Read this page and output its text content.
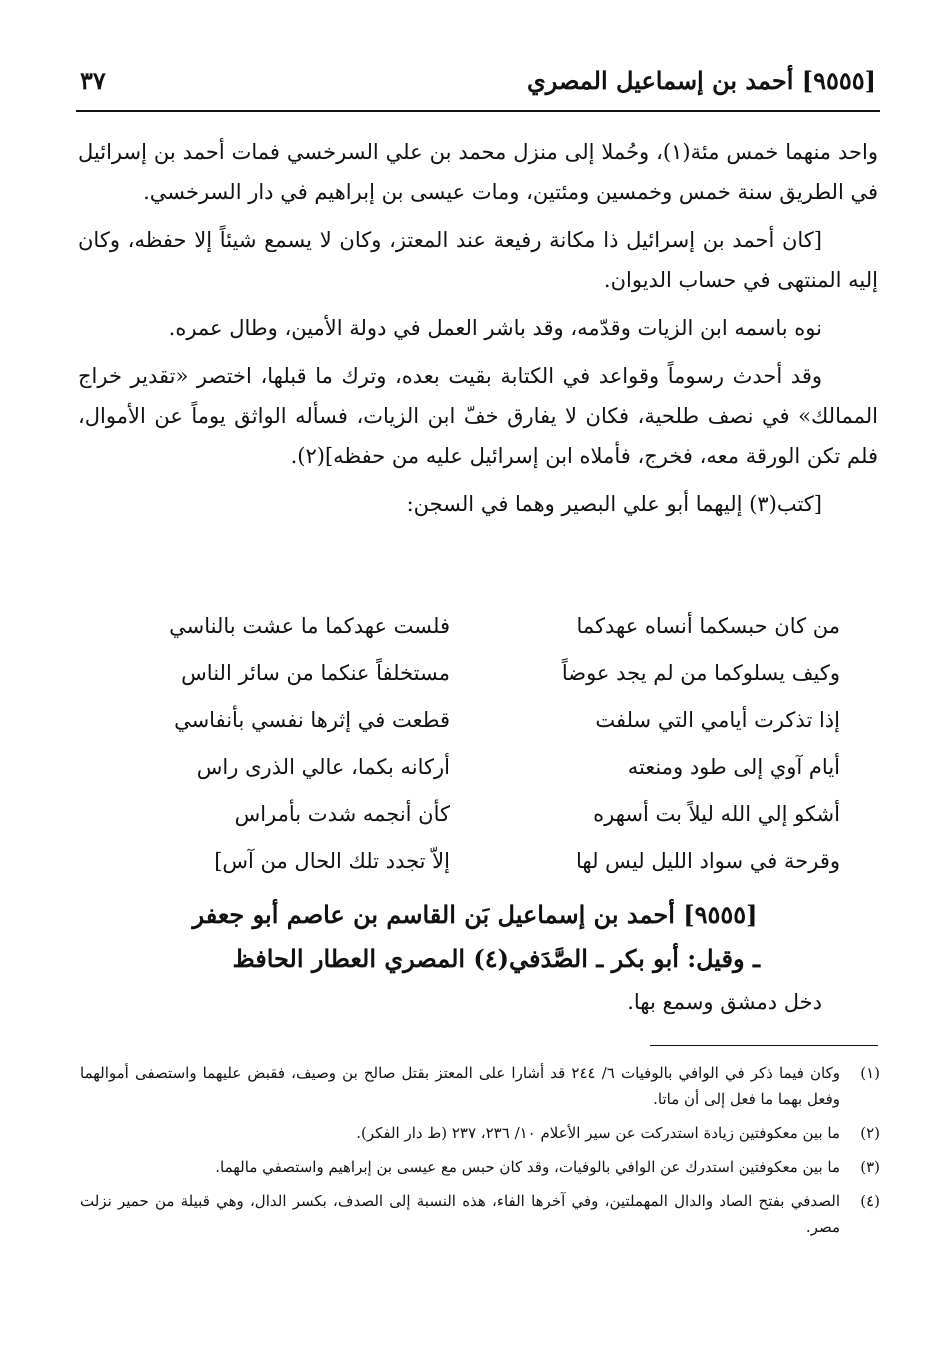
[٩٥٥٥] أحمد بن إسماعيل المصري
٣٧

واحد منهما خمس مئة(١)، وحُملا إلى منزل محمد بن علي السرخسي فمات أحمد بن إسرائيل في الطريق سنة خمس وخمسين ومئتين، ومات عيسى بن إبراهيم في دار السرخسي.

[كان أحمد بن إسرائيل ذا مكانة رفيعة عند المعتز، وكان لا يسمع شيئاً إلا حفظه، وكان إليه المنتهى في حساب الديوان.

نوه باسمه ابن الزيات وقدّمه، وقد باشر العمل في دولة الأمين، وطال عمره.

وقد أحدث رسوماً وقواعد في الكتابة بقيت بعده، وترك ما قبلها، اختصر «تقدير خراج الممالك» في نصف طلحية، فكان لا يفارق خفّ ابن الزيات، فسأله الواثق يوماً عن الأموال، فلم تكن الورقة معه، فخرج، فأملاه ابن إسرائيل عليه من حفظه](٢).

[كتب(٣) إليهما أبو علي البصير وهما في السجن:

من كان حبسكما أنساه عهدكما
فلست عهدكما ما عشت بالناسي
وكيف يسلوكما من لم يجد عوضاً
مستخلفاً عنكما من سائر الناس
إذا تذكرت أيامي التي سلفت
قطعت في إثرها نفسي بأنفاسي
أيام آوي إلى طود ومنعته
أركانه بكما، عالي الذرى راس
أشكو إلي الله ليلاً بت أسهره
كأن أنجمه شدت بأمراس
وقرحة في سواد الليل ليس لها
إلاّ تجدد تلك الحال من آس]
[٩٥٥٥] أحمد بن إسماعيل بَن القاسم بن عاصم أبو جعفر
ـ وقيل: أبو بكر ـ الصَّدَفي(٤) المصري العطار الحافظ
دخل دمشق وسمع بها.
(١)
وكان فيما ذكر في الوافي بالوفيات ٦/ ٢٤٤ قد أشارا على المعتز بقتل صالح بن وصيف، فقبض عليهما واستصفى أموالهما وفعل بهما ما فعل إلى أن ماتا.
(٢)
ما بين معكوفتين زيادة استدركت عن سير الأعلام ١٠/ ٢٣٦، ٢٣٧ (ط دار الفكر).
(٣)
ما بين معكوفتين استدرك عن الوافي بالوفيات، وقد كان حبس مع عيسى بن إبراهيم واستصفي مالهما.
(٤)
الصدفي بفتح الصاد والدال المهملتين، وفي آخرها الفاء، هذه النسبة إلى الصدف، بكسر الدال، وهي قبيلة من حمير نزلت مصر.
